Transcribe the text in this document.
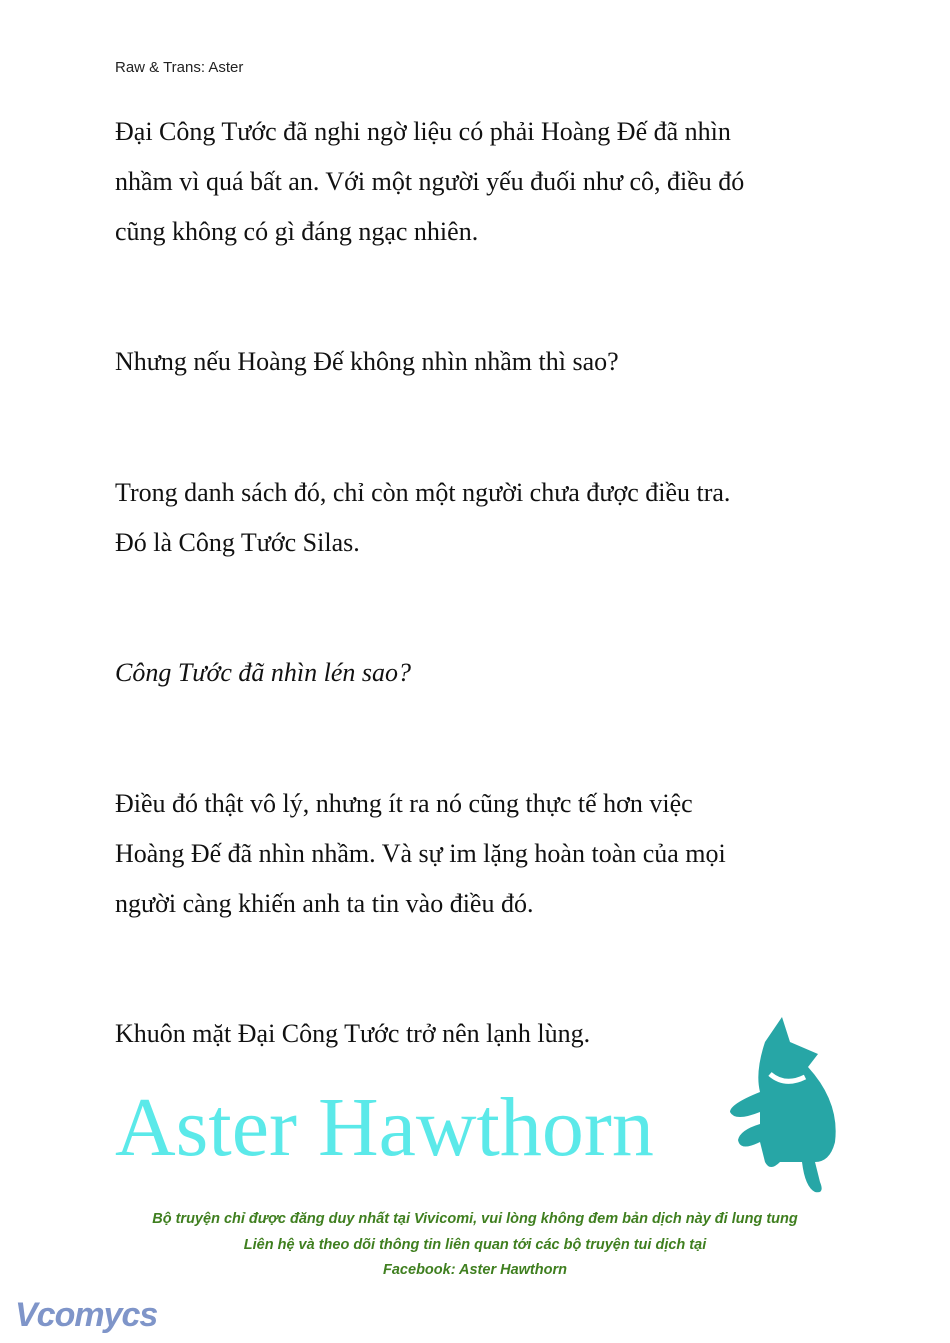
Raw & Trans: Aster
Đại Công Tước đã nghi ngờ liệu có phải Hoàng Đế đã nhìn
nhầm vì quá bất an. Với một người yếu đuối như cô, điều đó
cũng không có gì đáng ngạc nhiên.
Nhưng nếu Hoàng Đế không nhìn nhầm thì sao?
Trong danh sách đó, chỉ còn một người chưa được điều tra.
Đó là Công Tước Silas.
Công Tước đã nhìn lén sao?
Điều đó thật vô lý, nhưng ít ra nó cũng thực tế hơn việc
Hoàng Đế đã nhìn nhầm. Và sự im lặng hoàn toàn của mọi
người càng khiến anh ta tin vào điều đó.
Khuôn mặt Đại Công Tước trở nên lạnh lùng.
Aster Hawthorn
Bộ truyện chỉ được đăng duy nhất tại Vivicomi, vui lòng không đem bản dịch này đi lung tung
Liên hệ và theo dõi thông tin liên quan tới các bộ truyện tui dịch tại
Facebook: Aster Hawthorn
Vcomycs
